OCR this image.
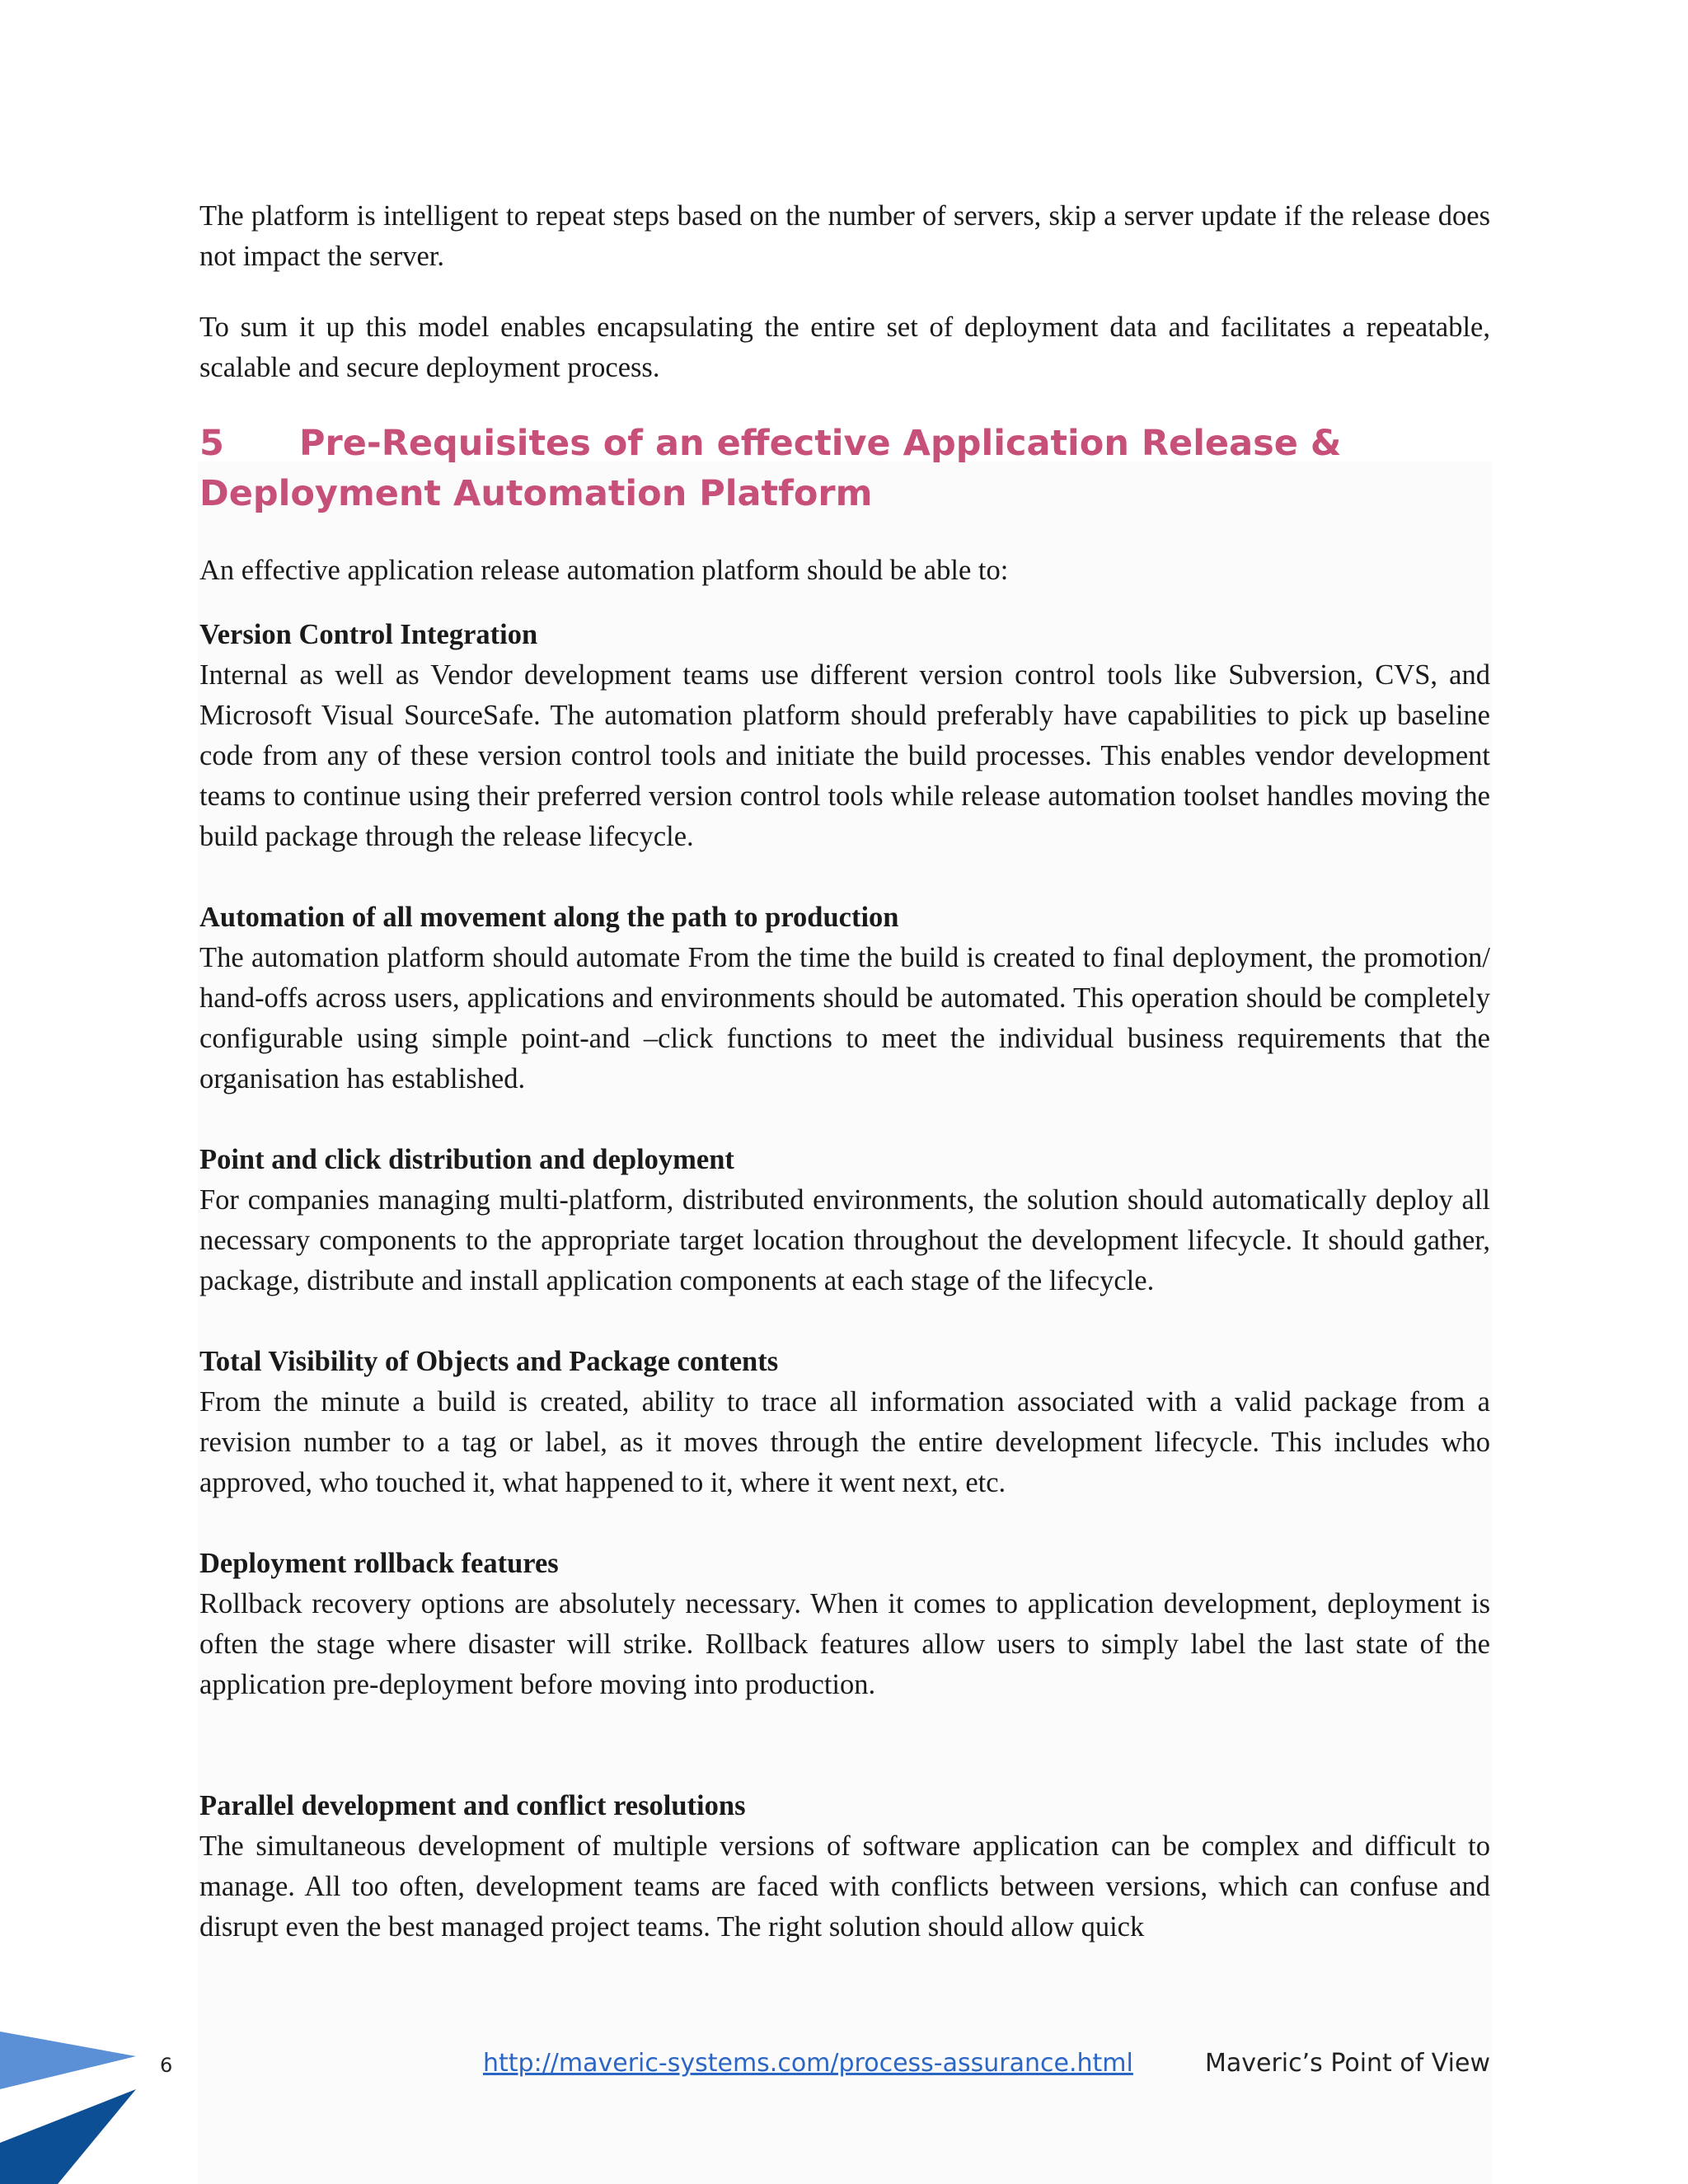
The platform is intelligent to repeat steps based on the number of servers, skip a server update if the release does not impact the server.

To sum it up this model enables encapsulating the entire set of deployment data and facilitates a repeatable, scalable and secure deployment process.

5 Pre-Requisites of an effective Application Release & Deployment Automation Platform

An effective application release automation platform should be able to:

Version Control Integration

Internal as well as Vendor development teams use different version control tools like Subversion, CVS, and Microsoft Visual SourceSafe. The automation platform should preferably have capabilities to pick up baseline code from any of these version control tools and initiate the build processes. This enables vendor development teams to continue using their preferred version control tools while release automation toolset handles moving the build package through the release lifecycle.

Automation of all movement along the path to production

The automation platform should automate From the time the build is created to final deployment, the promotion/ hand-offs across users, applications and environments should be automated. This operation should be completely configurable using simple point-and –click functions to meet the individual business requirements that the organisation has established.

Point and click distribution and deployment

For companies managing multi-platform, distributed environments, the solution should automatically deploy all necessary components to the appropriate target location throughout the development lifecycle. It should gather, package, distribute and install application components at each stage of the lifecycle.

Total Visibility of Objects and Package contents

From the minute a build is created, ability to trace all information associated with a valid package from a revision number to a tag or label, as it moves through the entire development lifecycle. This includes who approved, who touched it, what happened to it, where it went next, etc.

Deployment rollback features

Rollback recovery options are absolutely necessary. When it comes to application development, deployment is often the stage where disaster will strike. Rollback features allow users to simply label the last state of the application pre-deployment before moving into production.

Parallel development and conflict resolutions

The simultaneous development of multiple versions of software application can be complex and difficult to manage. All too often, development teams are faced with conflicts between versions, which can confuse and disrupt even the best managed project teams. The right solution should allow quick

6	http://maveric-systems.com/process-assurance.html	Maveric’s Point of View
